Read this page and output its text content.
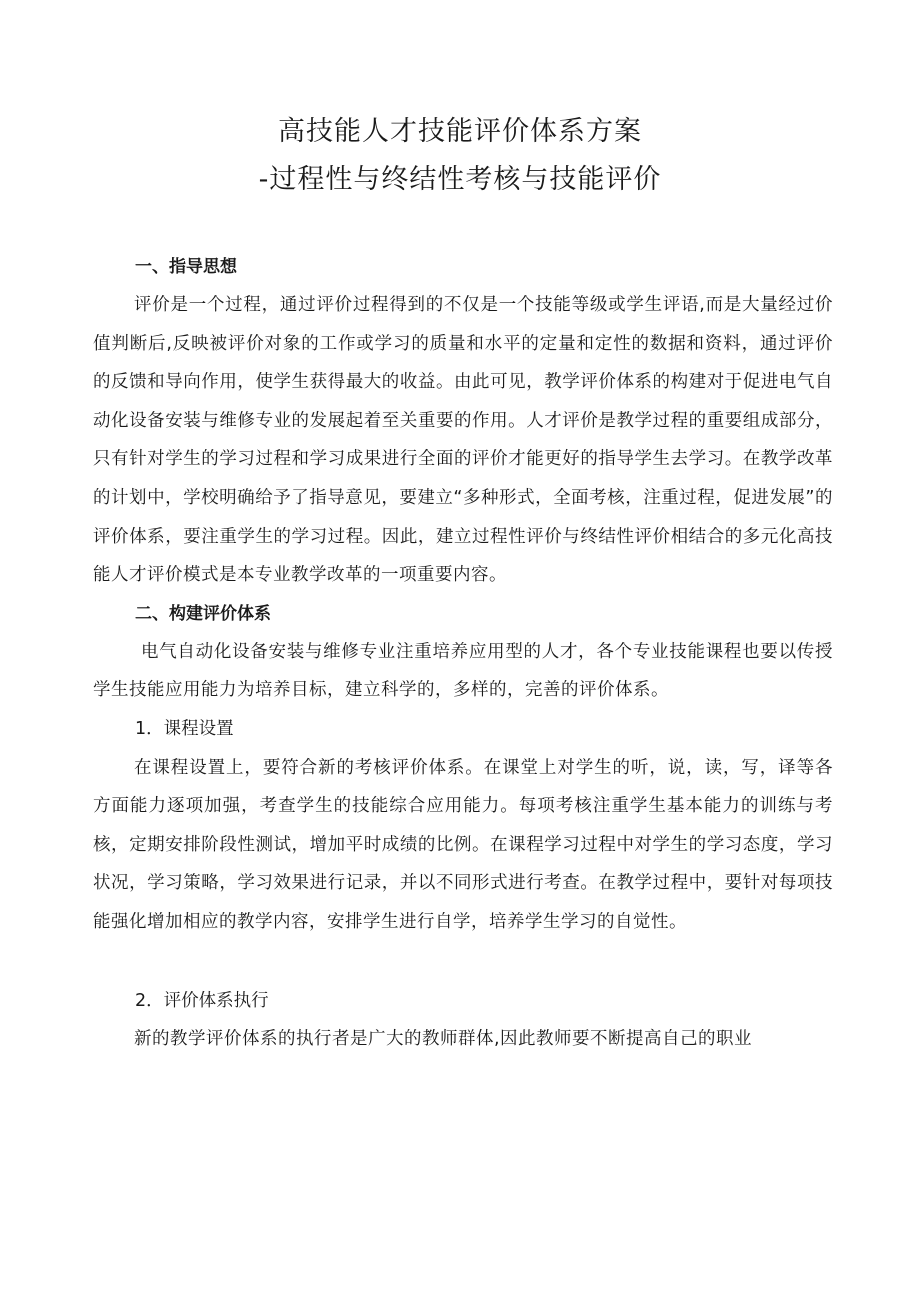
高技能人才技能评价体系方案
-过程性与终结性考核与技能评价

一、指导思想

评价是一个过程，通过评价过程得到的不仅是一个技能等级或学生评语,而是大量经过价值判断后,反映被评价对象的工作或学习的质量和水平的定量和定性的数据和资料，通过评价的反馈和导向作用，使学生获得最大的收益。由此可见，教学评价体系的构建对于促进电气自动化设备安装与维修专业的发展起着至关重要的作用。人才评价是教学过程的重要组成部分，只有针对学生的学习过程和学习成果进行全面的评价才能更好的指导学生去学习。在教学改革的计划中，学校明确给予了指导意见，要建立“多种形式，全面考核，注重过程，促进发展”的评价体系，要注重学生的学习过程。因此，建立过程性评价与终结性评价相结合的多元化高技能人才评价模式是本专业教学改革的一项重要内容。

二、构建评价体系

电气自动化设备安装与维修专业注重培养应用型的人才，各个专业技能课程也要以传授学生技能应用能力为培养目标，建立科学的，多样的，完善的评价体系。

1．课程设置

在课程设置上，要符合新的考核评价体系。在课堂上对学生的听，说，读，写，译等各方面能力逐项加强，考查学生的技能综合应用能力。每项考核注重学生基本能力的训练与考核，定期安排阶段性测试，增加平时成绩的比例。在课程学习过程中对学生的学习态度，学习状况，学习策略，学习效果进行记录，并以不同形式进行考查。在教学过程中，要针对每项技能强化增加相应的教学内容，安排学生进行自学，培养学生学习的自觉性。

2．评价体系执行

新的教学评价体系的执行者是广大的教师群体,因此教师要不断提高自己的职业
